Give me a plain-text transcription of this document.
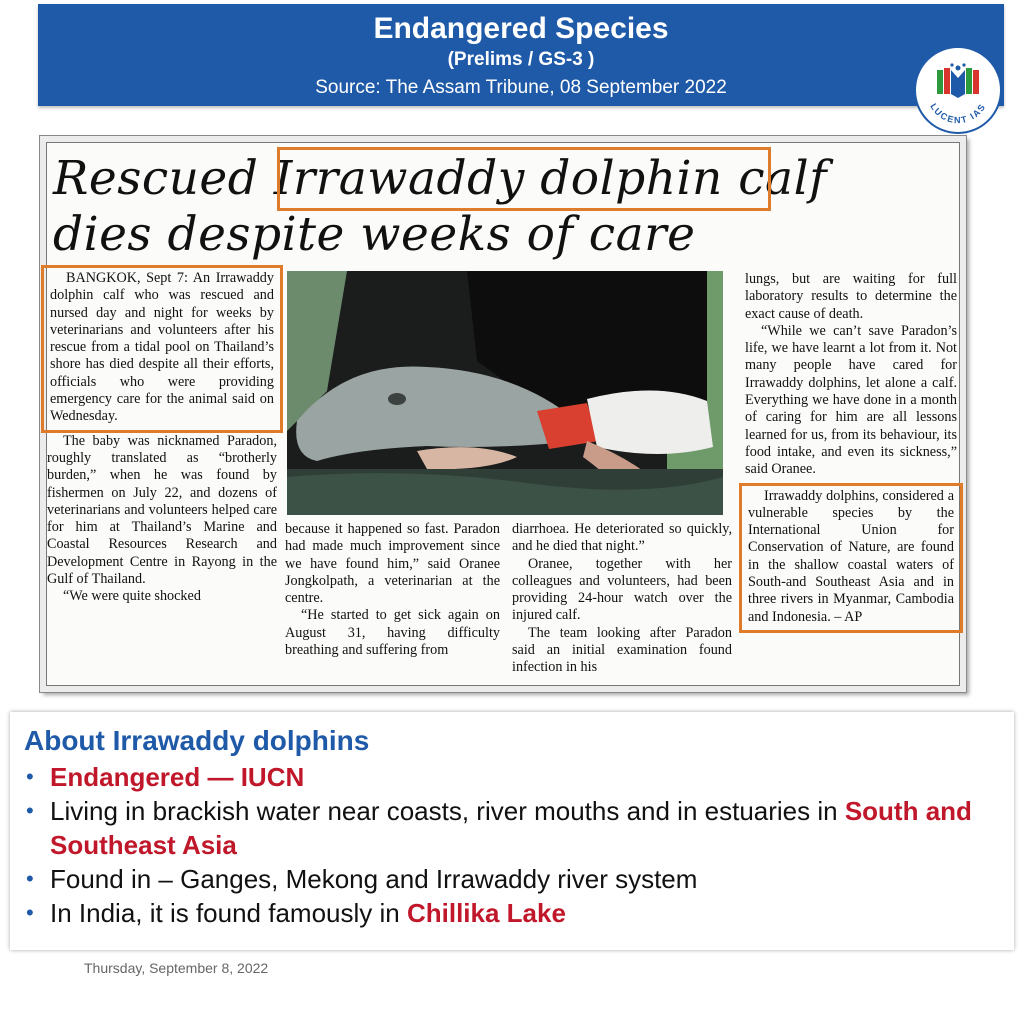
Endangered Species
(Prelims / GS-3 )
Source: The Assam Tribune, 08 September 2022
LUCENT IAS
Rescued Irrawaddy dolphin calf
dies despite weeks of care

BANGKOK, Sept 7: An Irrawaddy dolphin calf who was rescued and nursed day and night for weeks by veterinarians and volunteers after his rescue from a tidal pool on Thailand’s shore has died despite all their efforts, officials who were providing emergency care for the animal said on Wednesday.

The baby was nicknamed Paradon, roughly translated as “brotherly burden,” when he was found by fishermen on July 22, and dozens of veterinarians and volunteers helped care for him at Thailand’s Marine and Coastal Resources Research and Development Centre in Rayong in the Gulf of Thailand.

“We were quite shocked

because it happened so fast. Paradon had made much improvement since we have found him,” said Oranee Jongkolpath, a veterinarian at the centre.

“He started to get sick again on August 31, having difficulty breathing and suffering from

diarrhoea. He deteriorated so quickly, and he died that night.”

Oranee, together with her colleagues and volunteers, had been providing 24-hour watch over the injured calf.

The team looking after Paradon said an initial examination found infection in his

lungs, but are waiting for full laboratory results to determine the exact cause of death.

“While we can’t save Paradon’s life, we have learnt a lot from it. Not many people have cared for Irrawaddy dolphins, let alone a calf. Everything we have done in a month of caring for him are all lessons learned for us, from its behaviour, its food intake, and even its sickness,” said Oranee.

Irrawaddy dolphins, considered a vulnerable species by the International Union for Conservation of Nature, are found in the shallow coastal waters of South-and Southeast Asia and in three rivers in Myanmar, Cambodia and Indonesia. – AP

About Irrawaddy dolphins
• Endangered — IUCN
• Living in brackish water near coasts, river mouths and in estuaries in South and Southeast Asia
• Found in – Ganges, Mekong and Irrawaddy river system
• In India, it is found famously in Chillika Lake
Thursday, September 8, 2022
